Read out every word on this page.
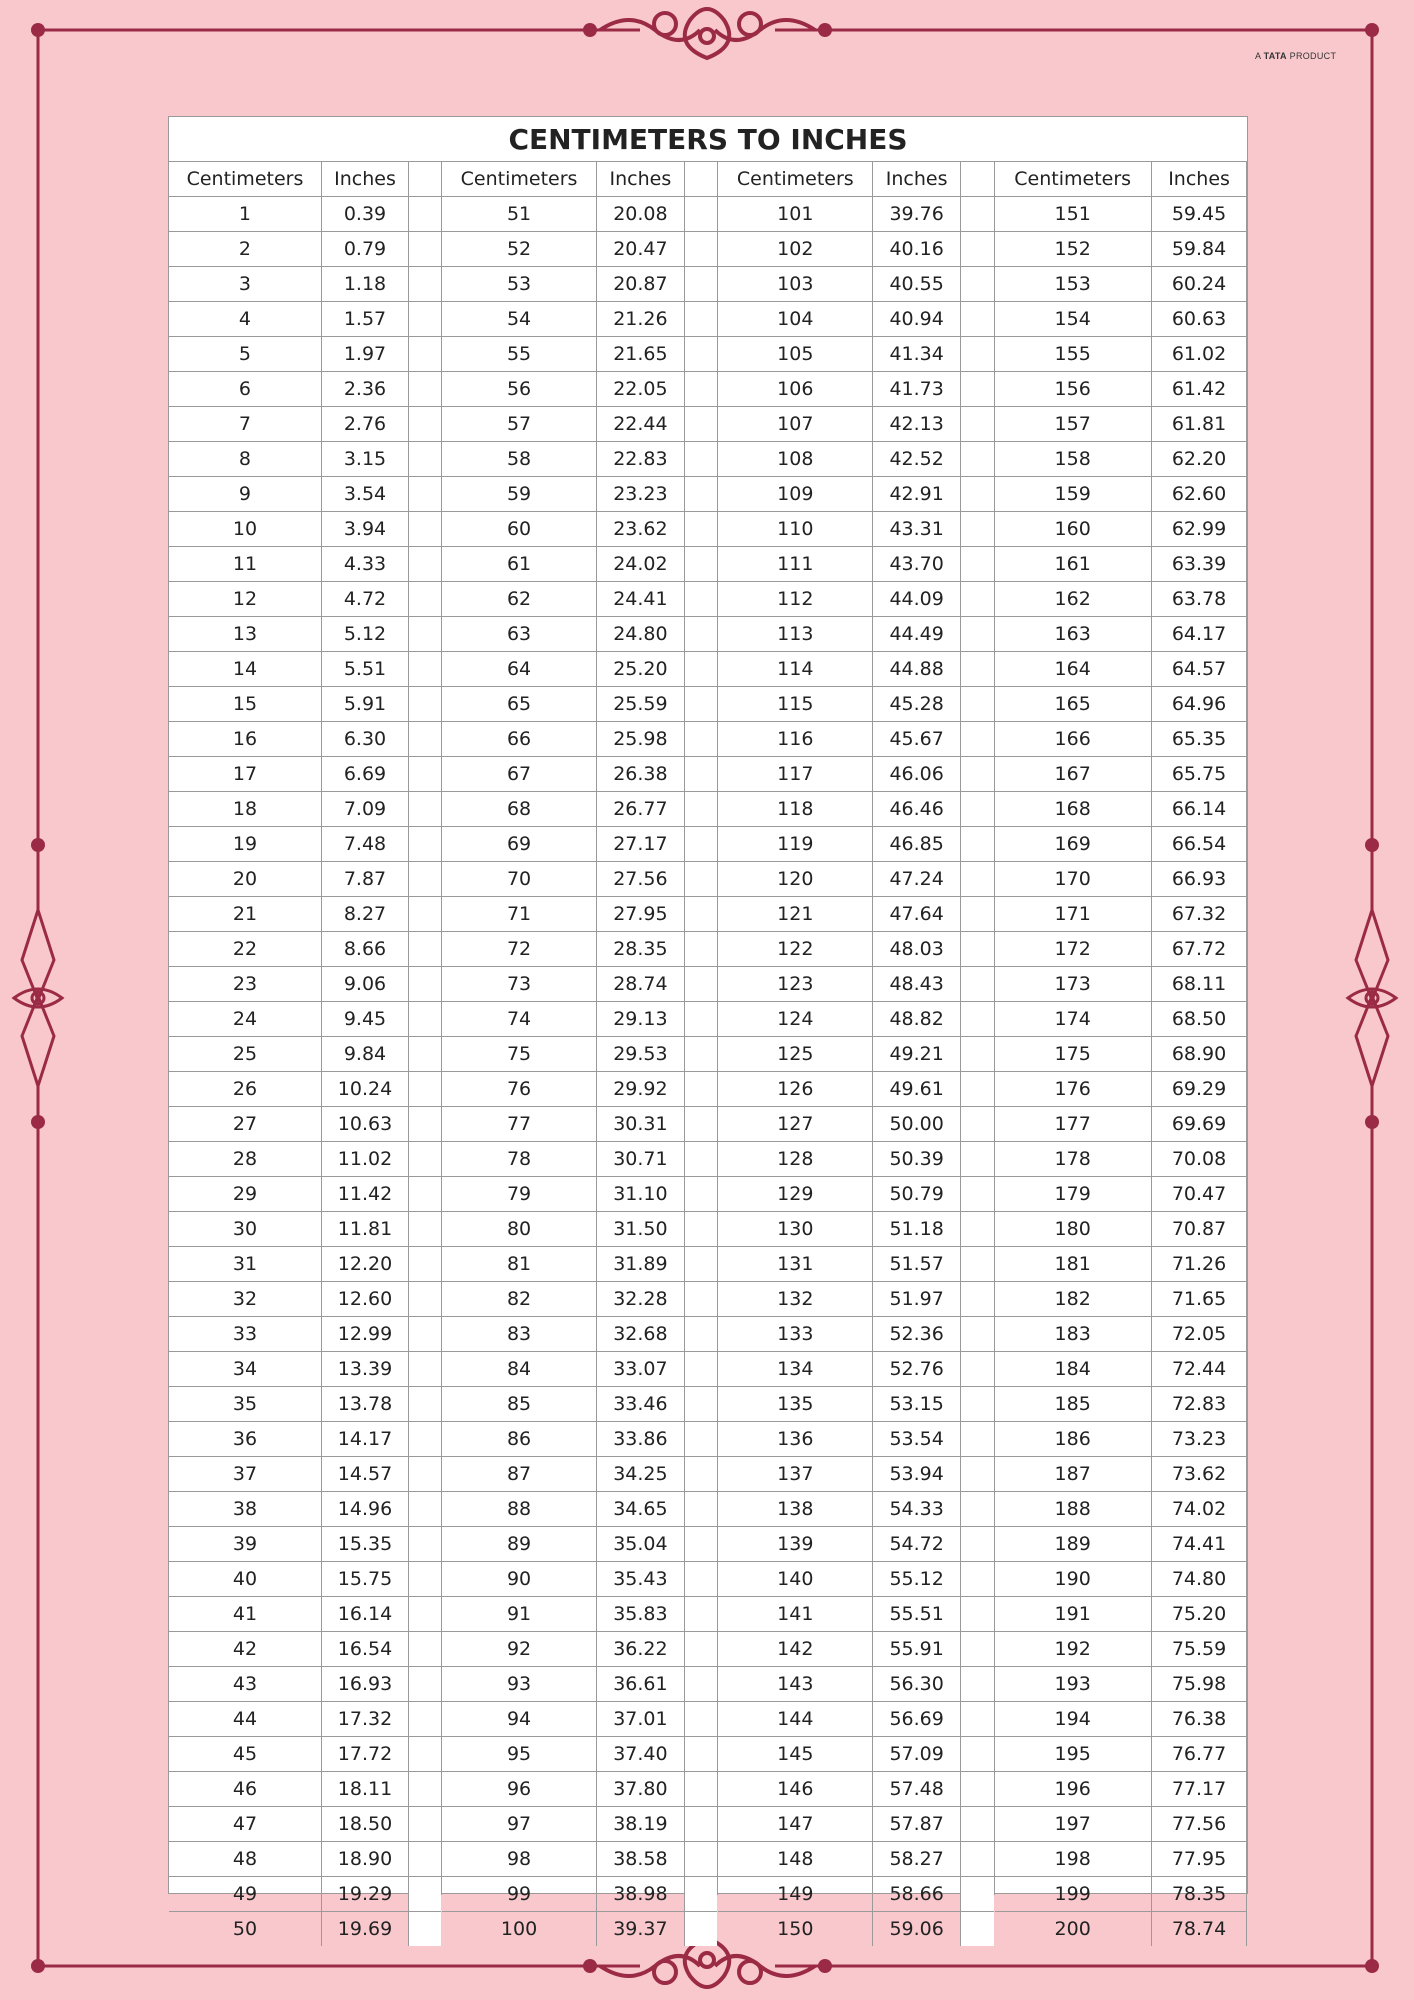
A TATA PRODUCT
CENTIMETERS TO INCHES
Centimeters	Inches	
1	0.39	
2	0.79	
3	1.18	
4	1.57	
5	1.97	
6	2.36	
7	2.76	
8	3.15	
9	3.54	
10	3.94	
11	4.33	
12	4.72	
13	5.12	
14	5.51	
15	5.91	
16	6.30	
17	6.69	
18	7.09	
19	7.48	
20	7.87	
21	8.27	
22	8.66	
23	9.06	
24	9.45	
25	9.84	
26	10.24	
27	10.63	
28	11.02	
29	11.42	
30	11.81	
31	12.20	
32	12.60	
33	12.99	
34	13.39	
35	13.78	
36	14.17	
37	14.57	
38	14.96	
39	15.35	
40	15.75	
41	16.14	
42	16.54	
43	16.93	
44	17.32	
45	17.72	
46	18.11	
47	18.50	
48	18.90	
49	19.29	
50	19.69	
Centimeters	Inches	
51	20.08	
52	20.47	
53	20.87	
54	21.26	
55	21.65	
56	22.05	
57	22.44	
58	22.83	
59	23.23	
60	23.62	
61	24.02	
62	24.41	
63	24.80	
64	25.20	
65	25.59	
66	25.98	
67	26.38	
68	26.77	
69	27.17	
70	27.56	
71	27.95	
72	28.35	
73	28.74	
74	29.13	
75	29.53	
76	29.92	
77	30.31	
78	30.71	
79	31.10	
80	31.50	
81	31.89	
82	32.28	
83	32.68	
84	33.07	
85	33.46	
86	33.86	
87	34.25	
88	34.65	
89	35.04	
90	35.43	
91	35.83	
92	36.22	
93	36.61	
94	37.01	
95	37.40	
96	37.80	
97	38.19	
98	38.58	
99	38.98	
100	39.37	
Centimeters	Inches	
101	39.76	
102	40.16	
103	40.55	
104	40.94	
105	41.34	
106	41.73	
107	42.13	
108	42.52	
109	42.91	
110	43.31	
111	43.70	
112	44.09	
113	44.49	
114	44.88	
115	45.28	
116	45.67	
117	46.06	
118	46.46	
119	46.85	
120	47.24	
121	47.64	
122	48.03	
123	48.43	
124	48.82	
125	49.21	
126	49.61	
127	50.00	
128	50.39	
129	50.79	
130	51.18	
131	51.57	
132	51.97	
133	52.36	
134	52.76	
135	53.15	
136	53.54	
137	53.94	
138	54.33	
139	54.72	
140	55.12	
141	55.51	
142	55.91	
143	56.30	
144	56.69	
145	57.09	
146	57.48	
147	57.87	
148	58.27	
149	58.66	
150	59.06	
Centimeters	Inches	
151	59.45	
152	59.84	
153	60.24	
154	60.63	
155	61.02	
156	61.42	
157	61.81	
158	62.20	
159	62.60	
160	62.99	
161	63.39	
162	63.78	
163	64.17	
164	64.57	
165	64.96	
166	65.35	
167	65.75	
168	66.14	
169	66.54	
170	66.93	
171	67.32	
172	67.72	
173	68.11	
174	68.50	
175	68.90	
176	69.29	
177	69.69	
178	70.08	
179	70.47	
180	70.87	
181	71.26	
182	71.65	
183	72.05	
184	72.44	
185	72.83	
186	73.23	
187	73.62	
188	74.02	
189	74.41	
190	74.80	
191	75.20	
192	75.59	
193	75.98	
194	76.38	
195	76.77	
196	77.17	
197	77.56	
198	77.95	
199	78.35	
200	78.74	
